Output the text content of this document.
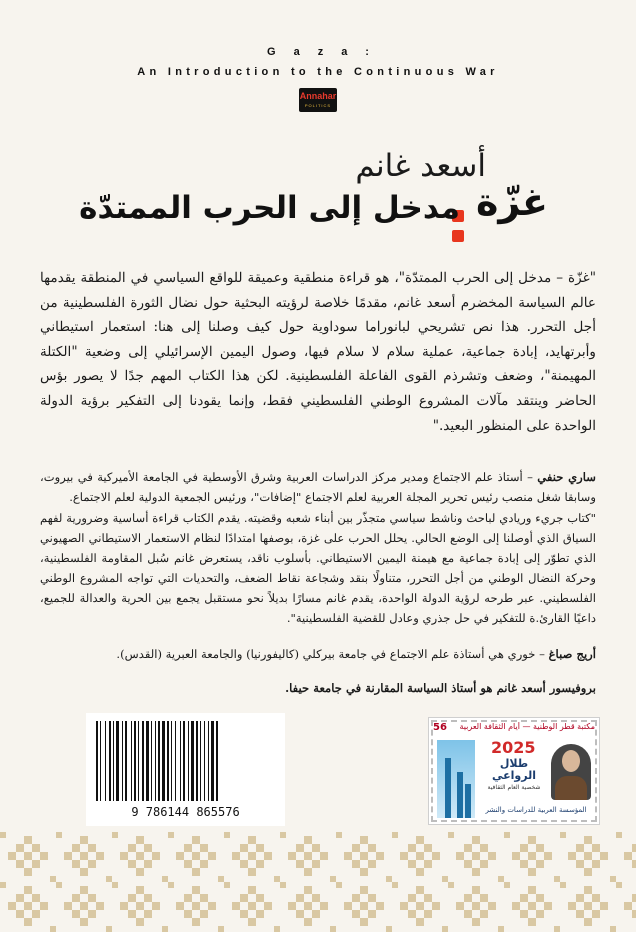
Gaza:
An Introduction to the Continuous War
Annahar
POLITICS
أسعد غانم
غزّة
مدخل إلى الحرب الممتدّة

"غزّة – مدخل إلى الحرب الممتدّة"، هو قراءة منطقية وعميقة للواقع السياسي في المنطقة يقدمها عالم السياسة المخضرم أسعد غانم، مقدمًا خلاصة لرؤيته البحثية حول نضال الثورة الفلسطينية من أجل التحرر. هذا نص تشريحي لبانوراما سوداوية حول كيف وصلنا إلى هنا: استعمار استيطاني وأبرتهايد، إبادة جماعية، عملية سلام لا سلام فيها، وصول اليمين الإسرائيلي إلى وضعية "الكتلة المهيمنة"، وضعف وتشرذم القوى الفاعلة الفلسطينية. لكن هذا الكتاب المهم جدًا لا يصور بؤس الحاضر وينتقد مآلات المشروع الوطني الفلسطيني فقط، وإنما يقودنا إلى التفكير برؤية الدولة الواحدة على المنظور البعيد."

ساري حنفي – أستاذ علم الاجتماع ومدير مركز الدراسات العربية وشرق الأوسطية في الجامعة الأميركية في بيروت، وسابقا شغل منصب رئيس تحرير المجلة العربية لعلم الاجتماع "إضافات"، ورئيس الجمعية الدولية لعلم الاجتماع.

"كتاب جريء وريادي لباحث وناشط سياسي متجذّر بين أبناء شعبه وقضيته. يقدم الكتاب قراءة أساسية وضرورية لفهم السياق الذي أوصلنا إلى الوضع الحالي. يحلل الحرب على غزة، بوصفها امتدادًا لنظام الاستعمار الاستيطاني الصهيوني الذي تطوّر إلى إبادة جماعية مع هيمنة اليمين الاستيطاني. بأسلوب ناقد، يستعرض غانم سُبل المقاومة الفلسطينية، وحركة النضال الوطني من أجل التحرر، متناولًا بنقد وشجاعة نقاط الضعف، والتحديات التي تواجه المشروع الوطني الفلسطيني. عبر طرحه لرؤية الدولة الواحدة، يقدم غانم مسارًا بديلاً نحو مستقبل يجمع بين الحرية والعدالة للجميع، داعيًا القارئ.ة للتفكير في حل جذري وعادل للقضية الفلسطينية".

أريج صباغ – خوري هي أستاذة علم الاجتماع في جامعة بيركلي (كاليفورنيا) والجامعة العبرية (القدس).

بروفيسور أسعد غانم هو أستاذ السياسة المقارنة في جامعة حيفا.

9 786144 865576
56	مكتبة قطر الوطنية — أيام الثقافة العربية
2025
طلال الرواعي
شخصية العام الثقافية
المؤسسة العربية للدراسات والنشر
